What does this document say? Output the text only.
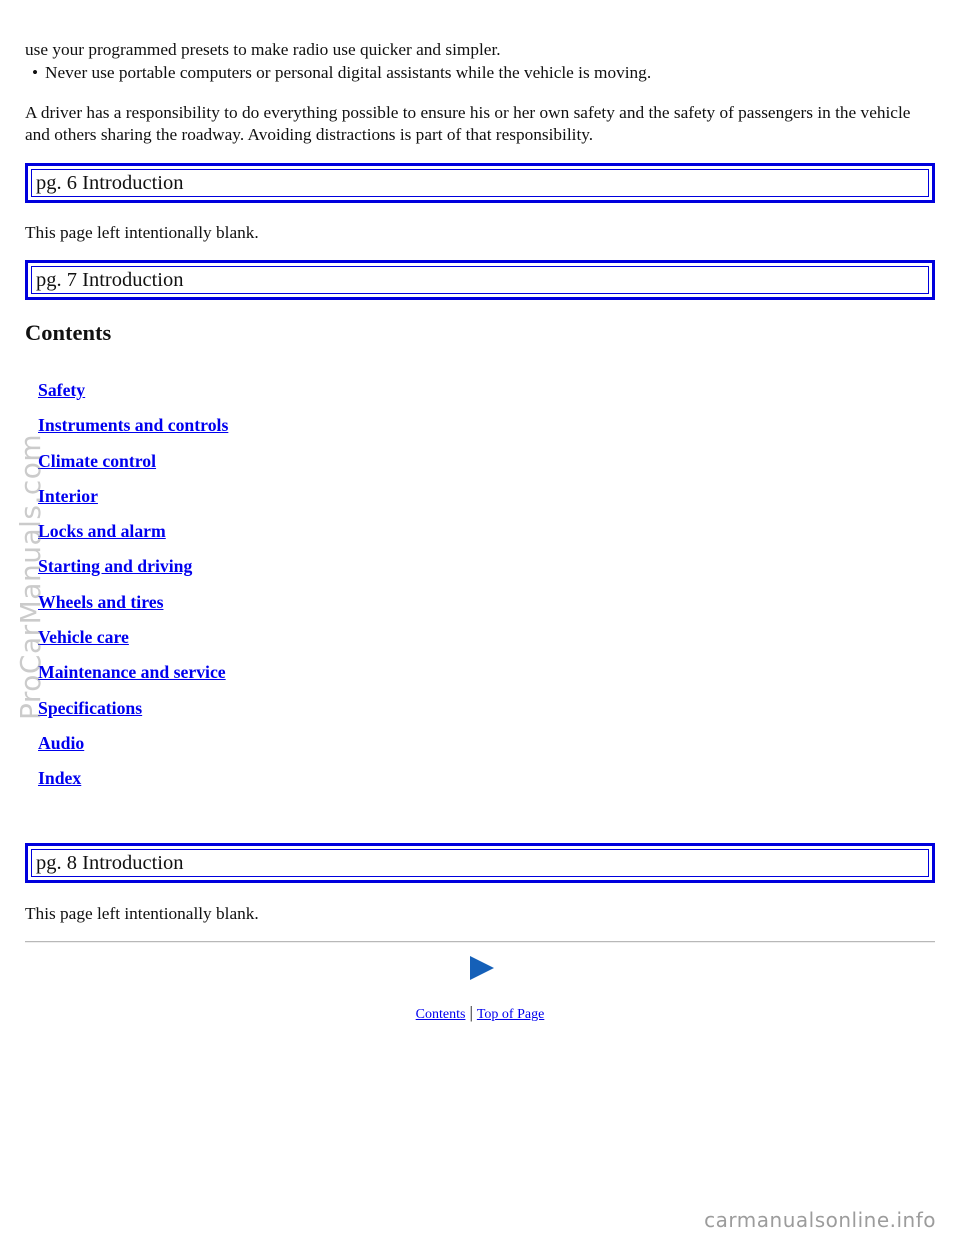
use your programmed presets to make radio use quicker and simpler.
• Never use portable computers or personal digital assistants while the vehicle is moving.

A driver has a responsibility to do everything possible to ensure his or her own safety and the safety of passengers in the vehicle and others sharing the roadway. Avoiding distractions is part of that responsibility.

pg. 6 Introduction
This page left intentionally blank.
pg. 7 Introduction
Contents
Safety
Instruments and controls
Climate control
Interior
Locks and alarm
Starting and driving
Wheels and tires
Vehicle care
Maintenance and service
Specifications
Audio
Index
pg. 8 Introduction
This page left intentionally blank.
Contents | Top of Page
ProCarManuals.com
carmanualsonline.info
